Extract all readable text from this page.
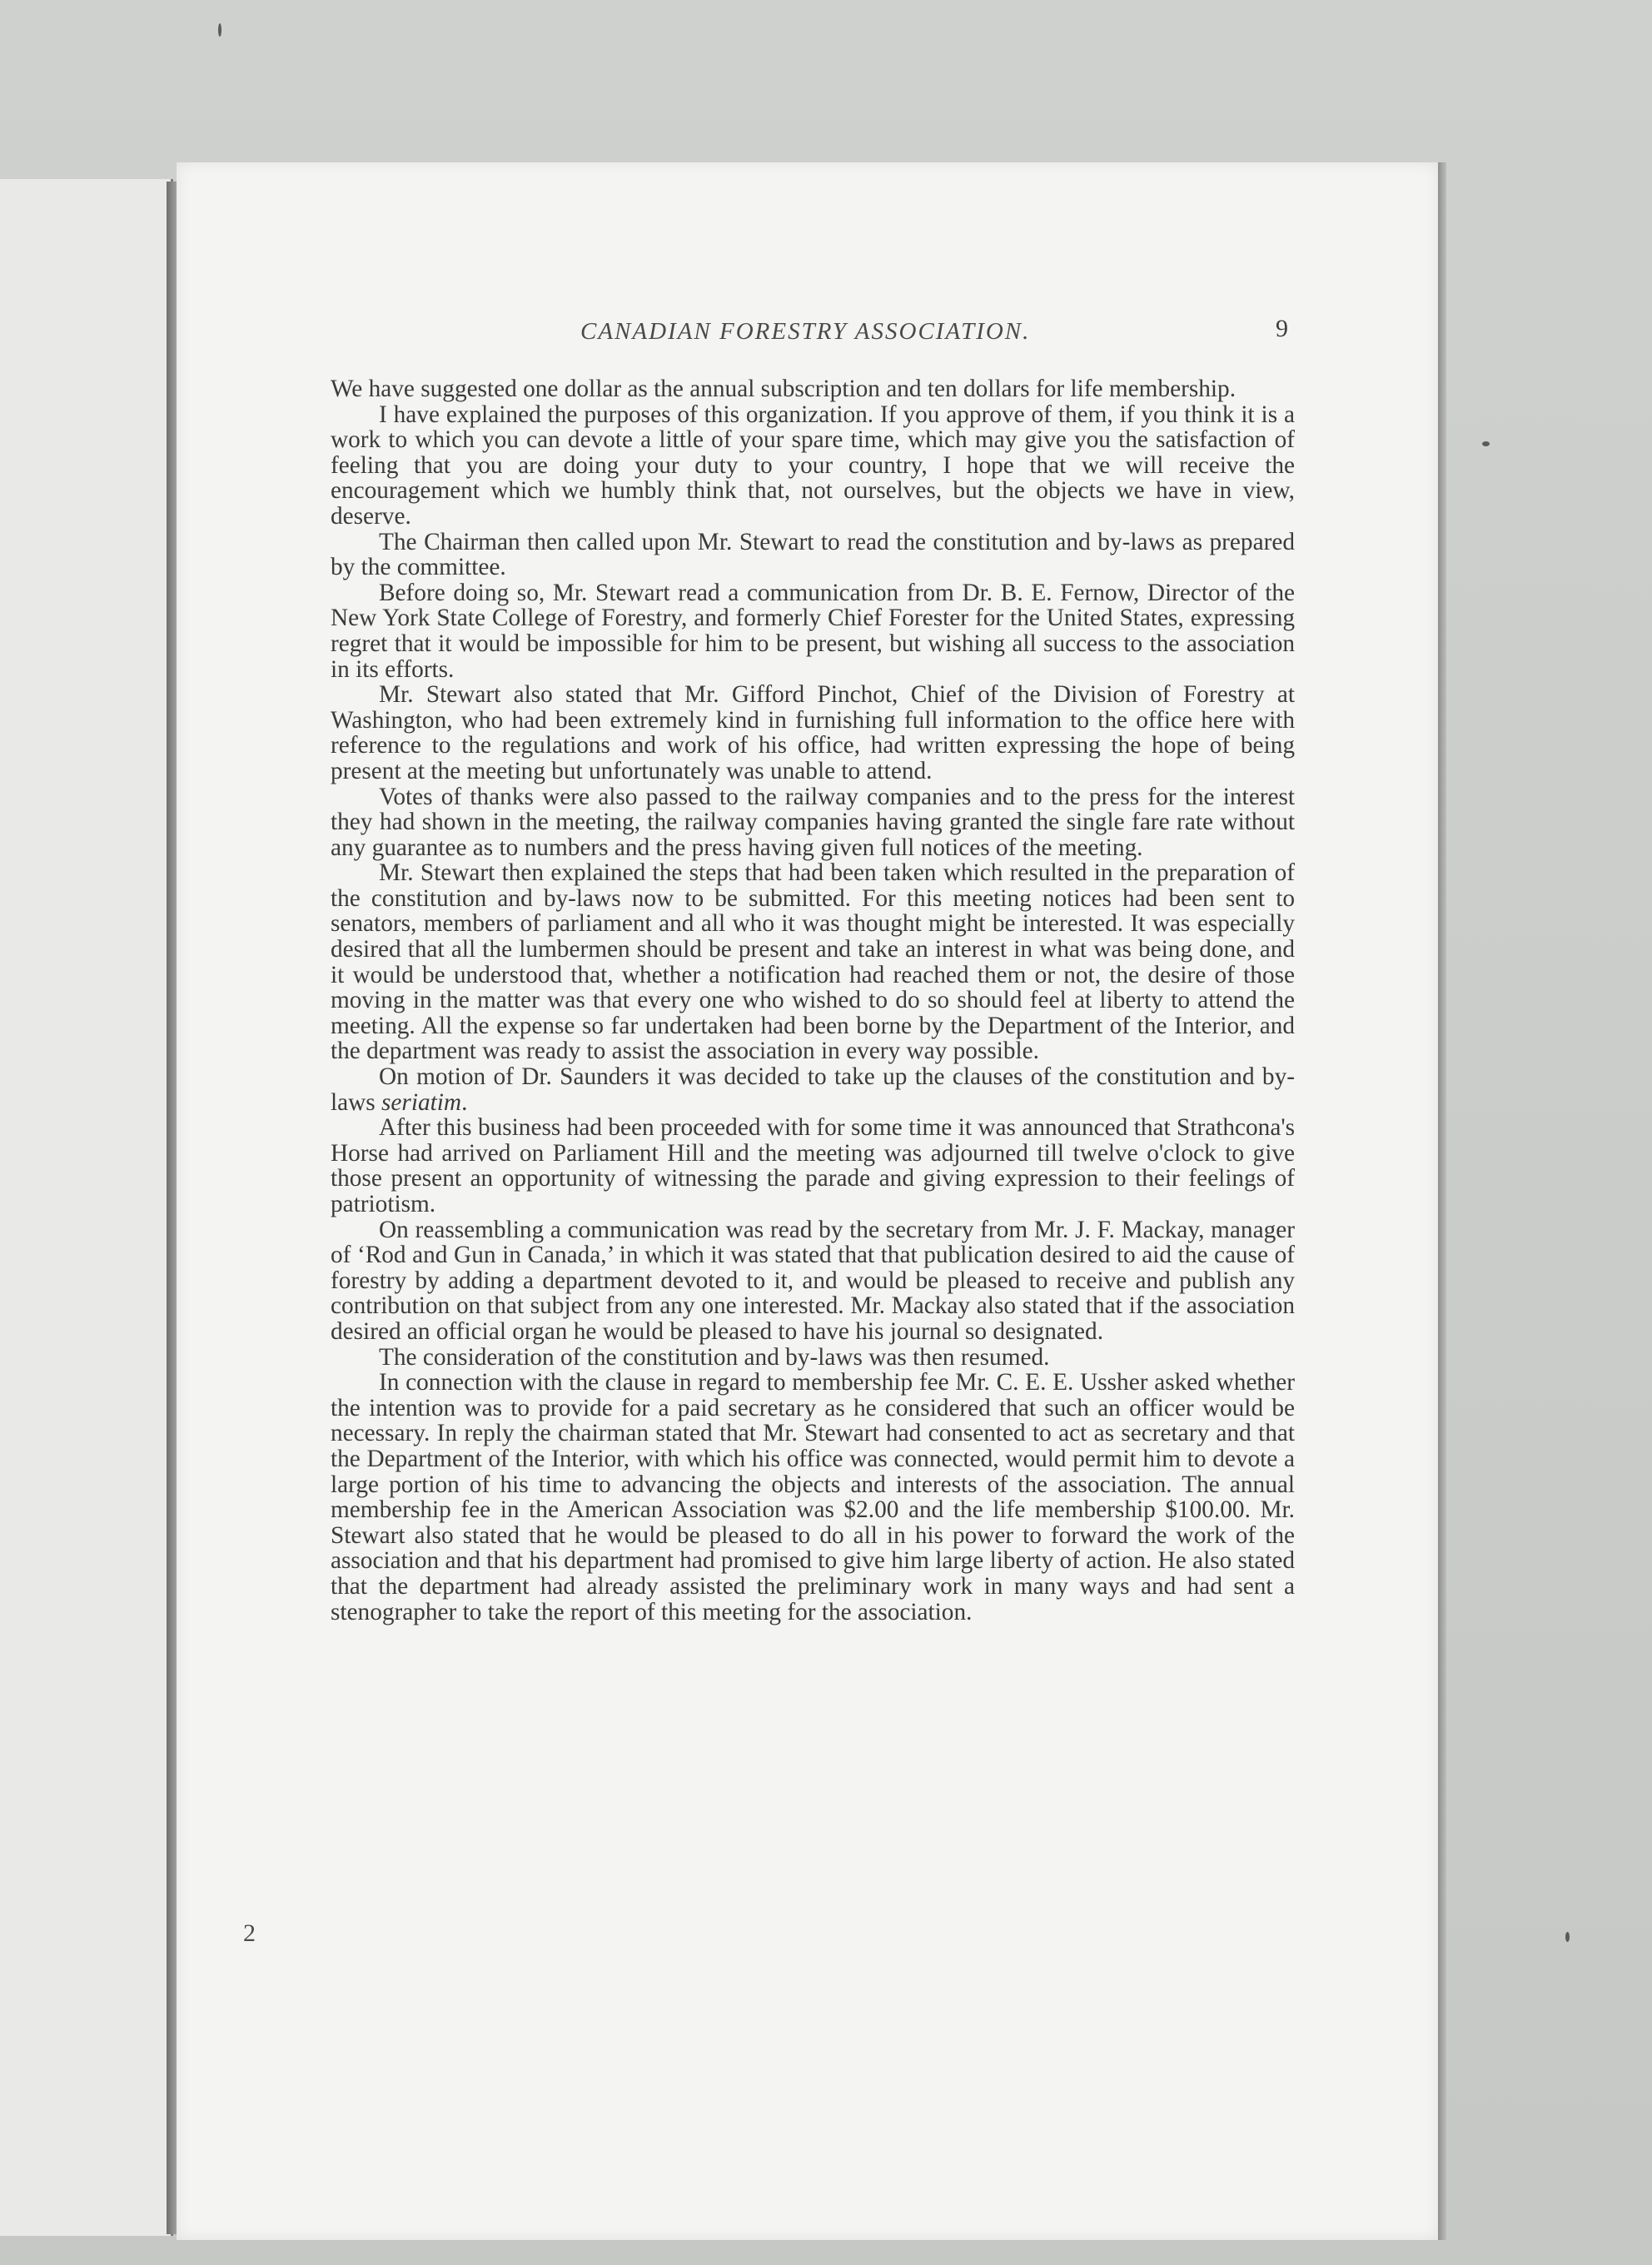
CANADIAN FORESTRY ASSOCIATION.	9

We have suggested one dollar as the annual subscription and ten dollars for life membership.

I have explained the purposes of this organization. If you approve of them, if you think it is a work to which you can devote a little of your spare time, which may give you the satisfaction of feeling that you are doing your duty to your country, I hope that we will receive the encouragement which we humbly think that, not ourselves, but the objects we have in view, deserve.

The Chairman then called upon Mr. Stewart to read the constitution and by-laws as prepared by the committee.

Before doing so, Mr. Stewart read a communication from Dr. B. E. Fernow, Director of the New York State College of Forestry, and formerly Chief Forester for the United States, expressing regret that it would be impossible for him to be present, but wishing all success to the association in its efforts.

Mr. Stewart also stated that Mr. Gifford Pinchot, Chief of the Division of Forestry at Washington, who had been extremely kind in furnishing full information to the office here with reference to the regulations and work of his office, had written expressing the hope of being present at the meeting but unfortunately was unable to attend.

Votes of thanks were also passed to the railway companies and to the press for the interest they had shown in the meeting, the railway companies having granted the single fare rate without any guarantee as to numbers and the press having given full notices of the meeting.

Mr. Stewart then explained the steps that had been taken which resulted in the preparation of the constitution and by-laws now to be submitted. For this meeting notices had been sent to senators, members of parliament and all who it was thought might be interested. It was especially desired that all the lumbermen should be present and take an interest in what was being done, and it would be understood that, whether a notification had reached them or not, the desire of those moving in the matter was that every one who wished to do so should feel at liberty to attend the meeting. All the expense so far undertaken had been borne by the Department of the Interior, and the department was ready to assist the association in every way possible.

On motion of Dr. Saunders it was decided to take up the clauses of the constitution and by-laws seriatim.

After this business had been proceeded with for some time it was announced that Strathcona's Horse had arrived on Parliament Hill and the meeting was adjourned till twelve o'clock to give those present an opportunity of witnessing the parade and giving expression to their feelings of patriotism.

On reassembling a communication was read by the secretary from Mr. J. F. Mackay, manager of ‘Rod and Gun in Canada,’ in which it was stated that that publication desired to aid the cause of forestry by adding a department devoted to it, and would be pleased to receive and publish any contribution on that subject from any one interested. Mr. Mackay also stated that if the association desired an official organ he would be pleased to have his journal so designated.

The consideration of the constitution and by-laws was then resumed.

In connection with the clause in regard to membership fee Mr. C. E. E. Ussher asked whether the intention was to provide for a paid secretary as he considered that such an officer would be necessary. In reply the chairman stated that Mr. Stewart had consented to act as secretary and that the Department of the Interior, with which his office was connected, would permit him to devote a large portion of his time to advancing the objects and interests of the association. The annual membership fee in the American Association was $2.00 and the life membership $100.00. Mr. Stewart also stated that he would be pleased to do all in his power to forward the work of the association and that his department had promised to give him large liberty of action. He also stated that the department had already assisted the preliminary work in many ways and had sent a stenographer to take the report of this meeting for the association.

2
